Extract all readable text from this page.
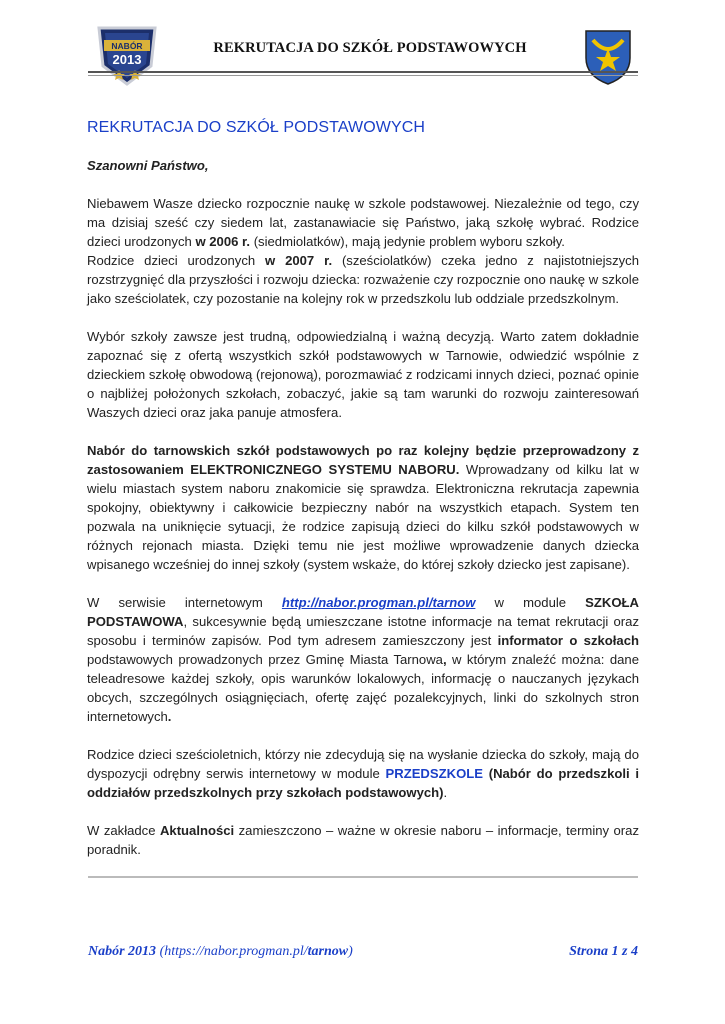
NABÓR
2013
REKRUTACJA DO SZKÓŁ PODSTAWOWYCH
REKRUTACJA DO SZKÓŁ PODSTAWOWYCH
Szanowni Państwo,

Niebawem Wasze dziecko rozpocznie naukę w szkole podstawowej. Niezależnie od tego, czy ma dzisiaj sześć czy siedem lat, zastanawiacie się Państwo, jaką szkołę wybrać. Rodzice dzieci urodzonych w 2006 r. (siedmiolatków), mają jedynie problem wyboru szkoły.

Rodzice dzieci urodzonych w 2007 r. (sześciolatków) czeka jedno z najistotniejszych rozstrzygnięć dla przyszłości i rozwoju dziecka: rozważenie czy rozpocznie ono naukę w szkole jako sześciolatek, czy pozostanie na kolejny rok w przedszkolu lub oddziale przedszkolnym.

Wybór szkoły zawsze jest trudną, odpowiedzialną i ważną decyzją. Warto zatem dokładnie zapoznać się z ofertą wszystkich szkół podstawowych w Tarnowie, odwiedzić wspólnie z dzieckiem szkołę obwodową (rejonową), porozmawiać z rodzicami innych dzieci, poznać opinie o najbliżej położonych szkołach, zobaczyć, jakie są tam warunki do rozwoju zainteresowań Waszych dzieci oraz jaka panuje atmosfera.

Nabór do tarnowskich szkół podstawowych po raz kolejny będzie przeprowadzony z zastosowaniem ELEKTRONICZNEGO SYSTEMU NABORU. Wprowadzany od kilku lat w wielu miastach system naboru znakomicie się sprawdza. Elektroniczna rekrutacja zapewnia spokojny, obiektywny i całkowicie bezpieczny nabór na wszystkich etapach. System ten pozwala na uniknięcie sytuacji, że rodzice zapisują dzieci do kilku szkół podstawowych w różnych rejonach miasta. Dzięki temu nie jest możliwe wprowadzenie danych dziecka wpisanego wcześniej do innej szkoły (system wskaże, do której szkoły dziecko jest zapisane).

W serwisie internetowym http://nabor.progman.pl/tarnow w module SZKOŁA PODSTAWOWA, sukcesywnie będą umieszczane istotne informacje na temat rekrutacji oraz sposobu i terminów zapisów. Pod tym adresem zamieszczony jest informator o szkołach podstawowych prowadzonych przez Gminę Miasta Tarnowa, w którym znaleźć można: dane teleadresowe każdej szkoły, opis warunków lokalowych, informację o nauczanych językach obcych, szczególnych osiągnięciach, ofertę zajęć pozalekcyjnych, linki do szkolnych stron internetowych.

Rodzice dzieci sześcioletnich, którzy nie zdecydują się na wysłanie dziecka do szkoły, mają do dyspozycji odrębny serwis internetowy w module PRZEDSZKOLE (Nabór do przedszkoli i oddziałów przedszkolnych przy szkołach podstawowych).

W zakładce Aktualności zamieszczono – ważne w okresie naboru – informacje, terminy oraz poradnik.

Nabór 2013 (https://nabor.progman.pl/tarnow)	Strona 1 z 4
